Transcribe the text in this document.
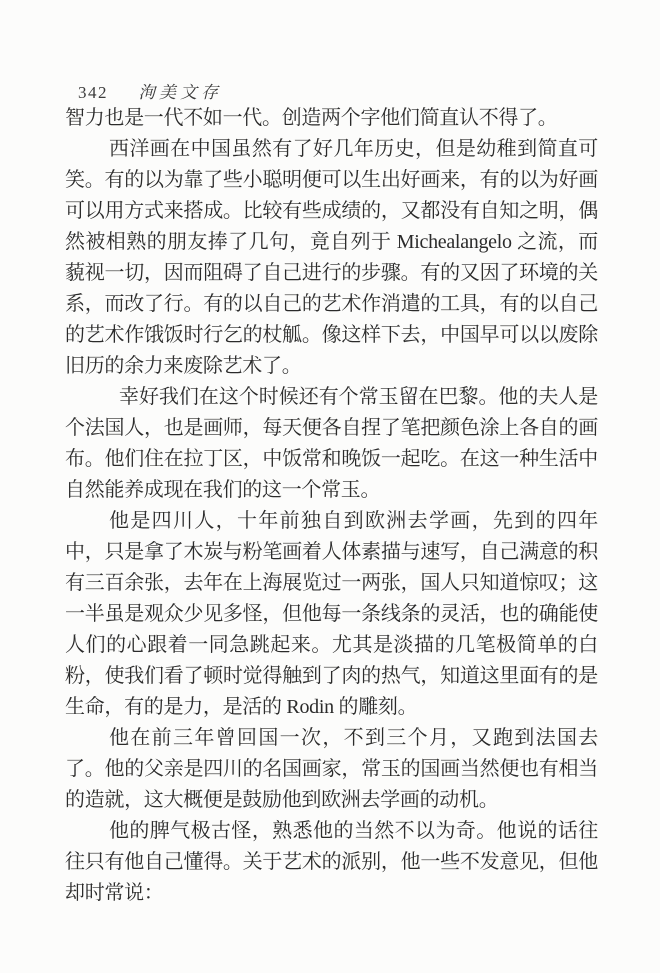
342 洵美文存

智力也是一代不如一代。创造两个字他们简直认不得了。

西洋画在中国虽然有了好几年历史，但是幼稚到简直可笑。有的以为靠了些小聪明便可以生出好画来，有的以为好画可以用方式来搭成。比较有些成绩的，又都没有自知之明，偶然被相熟的朋友捧了几句，竟自列于 Michealangelo 之流，而藐视一切，因而阻碍了自己进行的步骤。有的又因了环境的关系，而改了行。有的以自己的艺术作消遣的工具，有的以自己的艺术作饿饭时行乞的杖觚。像这样下去，中国早可以以废除旧历的余力来废除艺术了。

幸好我们在这个时候还有个常玉留在巴黎。他的夫人是个法国人，也是画师，每天便各自捏了笔把颜色涂上各自的画布。他们住在拉丁区，中饭常和晚饭一起吃。在这一种生活中自然能养成现在我们的这一个常玉。

他是四川人，十年前独自到欧洲去学画，先到的四年中，只是拿了木炭与粉笔画着人体素描与速写，自己满意的积有三百余张，去年在上海展览过一两张，国人只知道惊叹；这一半虽是观众少见多怪，但他每一条线条的灵活，也的确能使人们的心跟着一同急跳起来。尤其是淡描的几笔极简单的白粉，使我们看了顿时觉得触到了肉的热气，知道这里面有的是生命，有的是力，是活的 Rodin 的雕刻。

他在前三年曾回国一次，不到三个月，又跑到法国去了。他的父亲是四川的名国画家，常玉的国画当然便也有相当的造就，这大概便是鼓励他到欧洲去学画的动机。

他的脾气极古怪，熟悉他的当然不以为奇。他说的话往往只有他自己懂得。关于艺术的派别，他一些不发意见，但他却时常说：
